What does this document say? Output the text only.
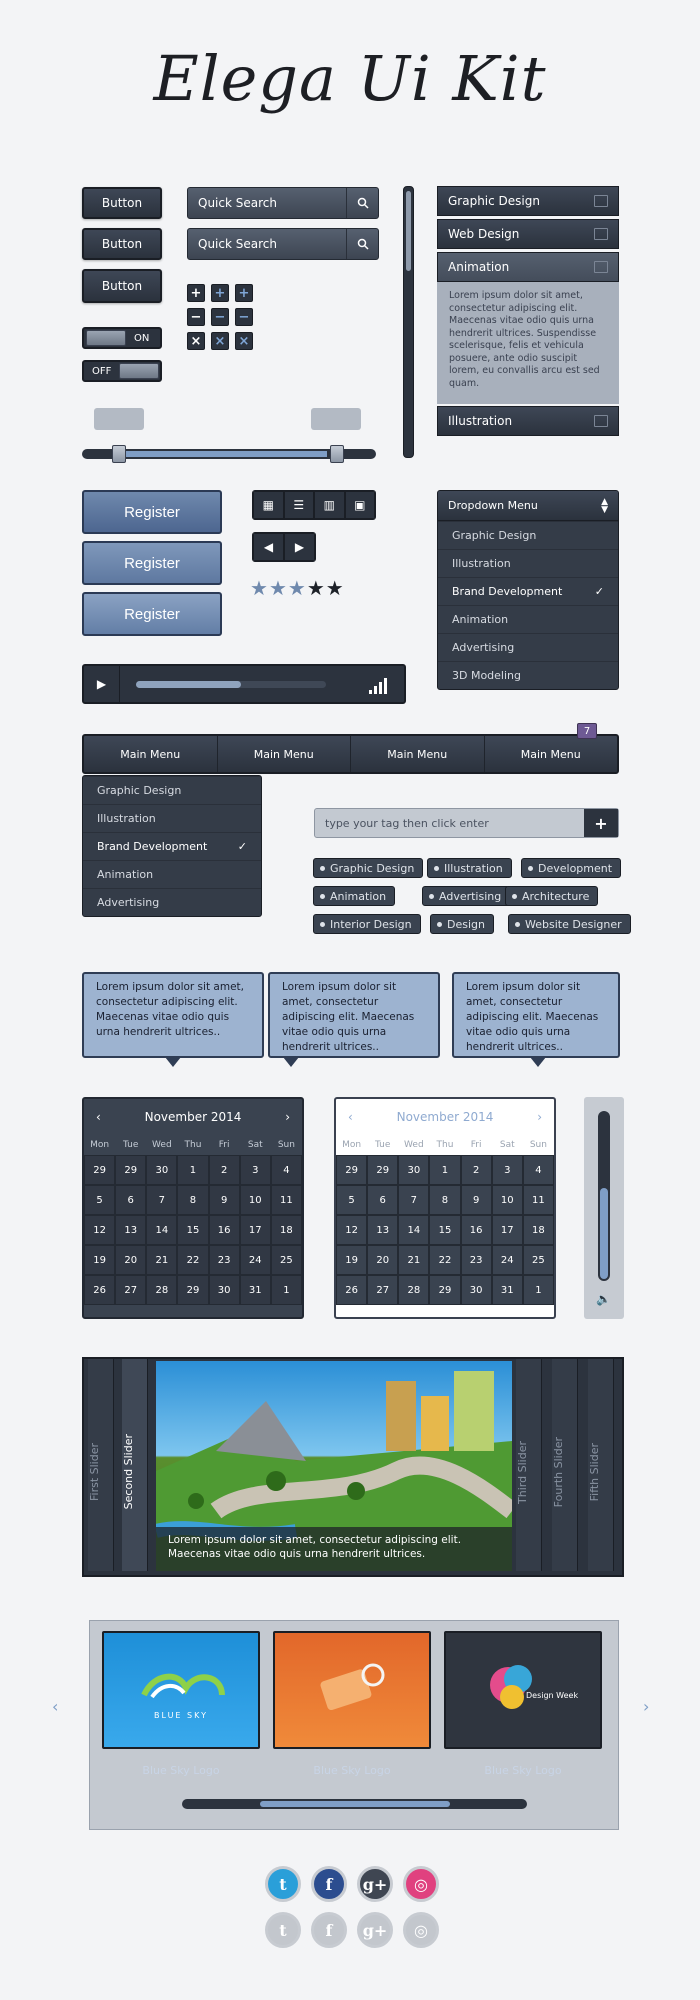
Elega Ui Kit
Button
Button
Button
ON
OFF
Quick Search
Quick Search
+ + +
− − −
× × ×
Graphic Design
Web Design
Animation
Lorem ipsum dolor sit amet, consectetur adipiscing elit. Maecenas vitae odio quis urna hendrerit ultrices. Suspendisse scelerisque, felis et vehicula posuere, ante odio suscipit lorem, eu convallis arcu est sed quam.
Illustration
Register
Register
Register
▦	☰	▥	▣
◀	▶
★★★★★
Dropdown Menu	▲
▼
Graphic Design
Illustration
Brand Development	✓
Animation
Advertising
3D Modeling
▶
Main Menu	Main Menu	Main Menu	Main Menu
7
Graphic Design
Illustration
Brand Development	✓
Animation
Advertising
type your tag then click enter	+
Lorem ipsum dolor sit amet, consectetur adipiscing elit. Maecenas vitae odio quis urna hendrerit ultrices..
Lorem ipsum dolor sit amet, consectetur adipiscing elit. Maecenas vitae odio quis urna hendrerit ultrices..
Lorem ipsum dolor sit amet, consectetur adipiscing elit. Maecenas vitae odio quis urna hendrerit ultrices..
‹	November 2014	›
Mon	Tue	Wed	Thu	Fri	Sat	Sun
29	29	30	1	2	3	4
5	6	7	8	9	10	11
12	13	14	15	16	17	18
19	20	21	22	23	24	25
26	27	28	29	30	31	1
‹	November 2014	›
Mon	Tue	Wed	Thu	Fri	Sat	Sun
29	29	30	1	2	3	4
5	6	7	8	9	10	11
12	13	14	15	16	17	18
19	20	21	22	23	24	25
26	27	28	29	30	31	1
🔈
First Slider Second Slider
Lorem ipsum dolor sit amet, consectetur adipiscing elit. Maecenas vitae odio quis urna hendrerit ultrices.
Third Slider Fourth Slider Fifth Slider
‹	›
BLUE SKY
Design Week
Blue Sky Logo	Blue Sky Logo	Blue Sky Logo
t	f	g+	◎
t	f	g+	◎
Graphic Design	Illustration	Development
Animation	Advertising	Architecture
Interior Design	Design	Website Designer
